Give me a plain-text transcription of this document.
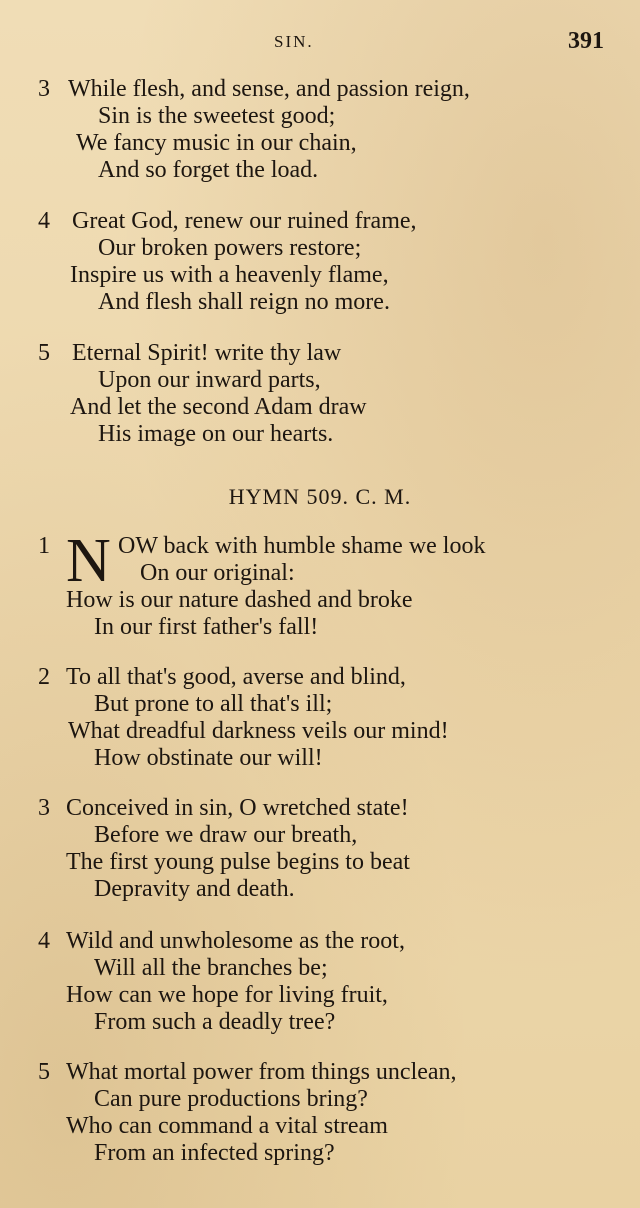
SIN.	391
3 While flesh, and sense, and passion reign,
Sin is the sweetest good;
We fancy music in our chain,
And so forget the load.
4 Great God, renew our ruined frame,
Our broken powers restore;
Inspire us with a heavenly flame,
And flesh shall reign no more.
5 Eternal Spirit! write thy law
Upon our inward parts,
And let the second Adam draw
His image on our hearts.
HYMN 509. C. M.
1	OW back with humble shame we look
On our original:
How is our nature dashed and broke
In our first father's fall!
N
2 To all that's good, averse and blind,
But prone to all that's ill;
What dreadful darkness veils our mind!
How obstinate our will!
3 Conceived in sin, O wretched state!
Before we draw our breath,
The first young pulse begins to beat
Depravity and death.
4 Wild and unwholesome as the root,
Will all the branches be;
How can we hope for living fruit,
From such a deadly tree?
5 What mortal power from things unclean,
Can pure productions bring?
Who can command a vital stream
From an infected spring?
